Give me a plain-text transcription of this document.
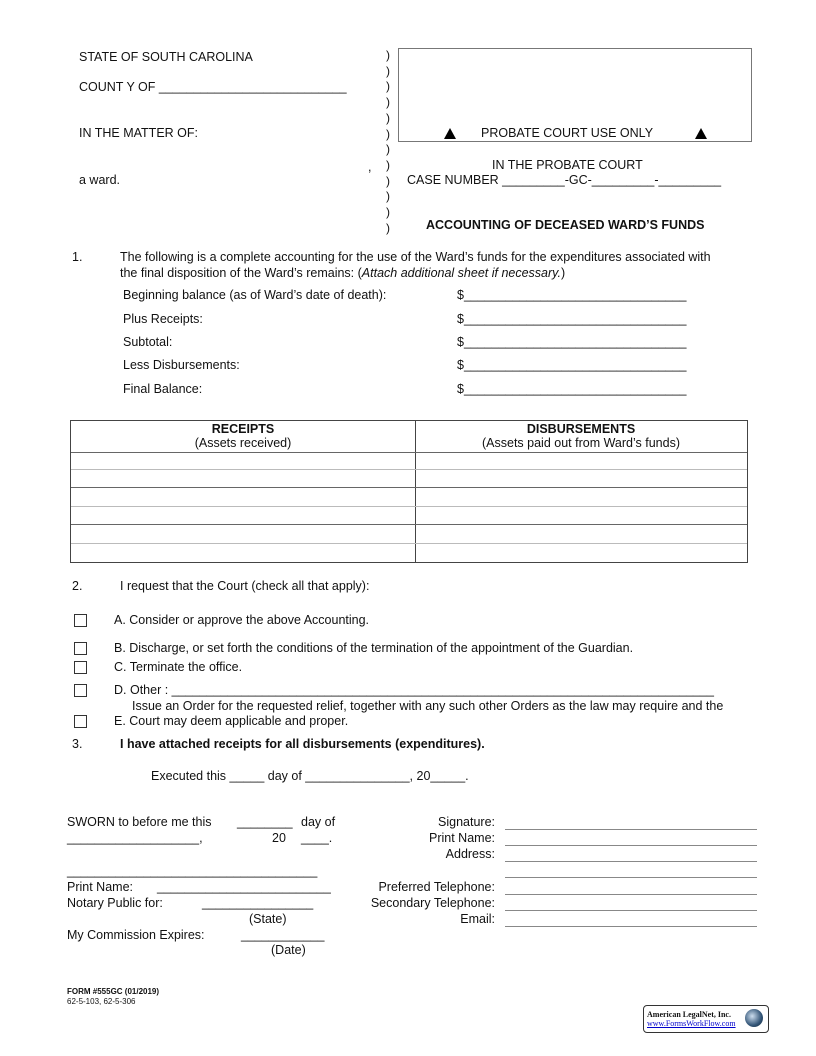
STATE OF SOUTH CAROLINA
COUNT Y OF ___________________________
IN THE MATTER OF:
,
a ward.
PROBATE COURT USE ONLY
IN THE PROBATE COURT
CASE NUMBER _________-GC-_________-_________
ACCOUNTING OF DECEASED WARD’S FUNDS
1.	The following is a complete accounting for the use of the Ward’s funds for the expenditures associated with
the final disposition of the Ward’s remains: (Attach additional sheet if necessary.)
RECEIPTS
(Assets received)
DISBURSEMENTS
(Assets paid out from Ward’s funds)
2.	I request that the Court (check all that apply):
Issue an Order for the requested relief, together with any such other Orders as the law may require and the
3.	I have attached receipts for all disbursements (expenditures).
Executed this _____ day of _______________, 20_____.
SWORN to before me this ________ day of
___________________,	20 ____.
____________________________________
Print Name: _________________________
Notary Public for:	________________
(State)
My Commission Expires:	____________
(Date)
FORM #555GC (01/2019)
62-5-103, 62-5-306
American LegalNet, Inc.
www.FormsWorkFlow.com
)
)
)
)
)
)
)
)
)
)
)
)
Beginning balance (as of Ward’s date of death):	$________________________________
Plus Receipts:	$________________________________
Subtotal:	$________________________________
Less Disbursements:	$________________________________
Final Balance:	$________________________________
A. Consider or approve the above Accounting.
B. Discharge, or set forth the conditions of the termination of the appointment of the Guardian.
C. Terminate the office.
D. Other : ______________________________________________________________________________
E. Court may deem applicable and proper.
Signature:
Print Name:
Address:
Preferred Telephone:
Secondary Telephone:
Email:
